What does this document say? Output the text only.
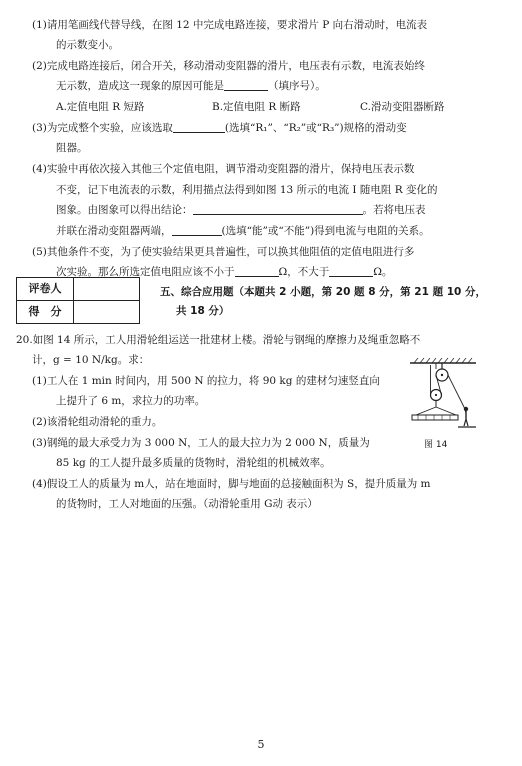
(1)请用笔画线代替导线，在图 12 中完成电路连接，要求滑片 P 向右滑动时，电流表
的示数变小。
(2)完成电路连接后，闭合开关，移动滑动变阻器的滑片，电压表有示数，电流表始终
无示数，造成这一现象的原因可能是	（填序号）。
A.定值电阻 R 短路	B.定值电阻 R 断路	C.滑动变阻器断路
(3)为完成整个实验，应该选取	(选填“R₁”、“R₂”或“R₃”)规格的滑动变
阻器。
(4)实验中再依次接入其他三个定值电阻，调节滑动变阻器的滑片，保持电压表示数
不变，记下电流表的示数，利用描点法得到如图 13 所示的电流 I 随电阻 R 变化的
图象。由图象可以得出结论：	。若将电压表
并联在滑动变阻器两端，	(选填“能”或“不能”)得到电流与电阻的关系。
(5)其他条件不变，为了使实验结果更具普遍性，可以换其他阻值的定值电阻进行多
次实验。那么所选定值电阻应该不小于	Ω，不大于	Ω。
评卷人	
得　分	
五、综合应用题（本题共 2 小题，第 20 题 8 分，第 21 题 10 分，
共 18 分）
20.如图 14 所示，工人用滑轮组运送一批建材上楼。滑轮与钢绳的摩擦力及绳重忽略不
计，g = 10 N/kg。求：
(1)工人在 1 min 时间内，用 500 N 的拉力，将 90 kg 的建材匀速竖直向
上提升了 6 m，求拉力的功率。
(2)该滑轮组动滑轮的重力。
(3)钢绳的最大承受力为 3 000 N，工人的最大拉力为 2 000 N，质量为
85 kg 的工人提升最多质量的货物时，滑轮组的机械效率。
(4)假设工人的质量为 m人，站在地面时，脚与地面的总接触面积为 S，提升质量为 m
的货物时，工人对地面的压强。（动滑轮重用 G动 表示）
图 14
5
